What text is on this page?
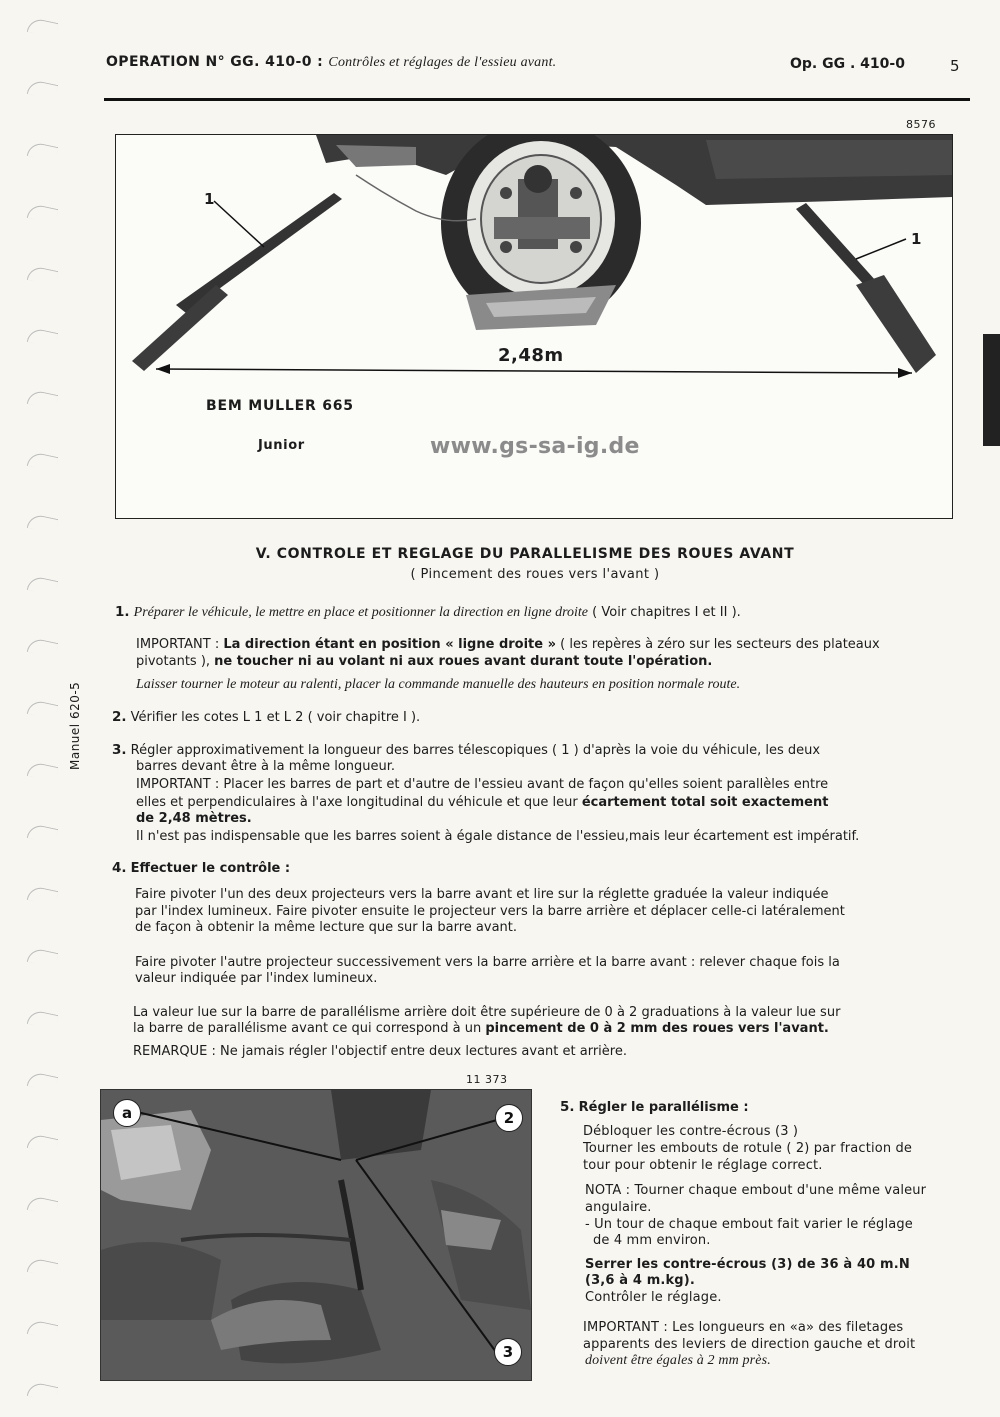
OPERATION N° GG. 410-0 : Contrôles et réglages de l'essieu avant.	Op. GG . 410-0	5
Manuel 620-5
8576
1
1
2,48m
BEM MULLER 665
Junior	www.gs-sa-ig.de
V. CONTROLE ET REGLAGE DU PARALLELISME DES ROUES AVANT
( Pincement des roues vers l'avant )
1. Préparer le véhicule, le mettre en place et positionner la direction en ligne droite ( Voir chapitres I et II ).
IMPORTANT : La direction étant en position « ligne droite » ( les repères à zéro sur les secteurs des plateaux
pivotants ), ne toucher ni au volant ni aux roues avant durant toute l'opération.
Laisser tourner le moteur au ralenti, placer la commande manuelle des hauteurs en position normale route.
2. Vérifier les cotes L 1 et L 2 ( voir chapitre I ).
3. Régler approximativement la longueur des barres télescopiques ( 1 ) d'après la voie du véhicule, les deux
barres devant être à la même longueur.
IMPORTANT : Placer les barres de part et d'autre de l'essieu avant de façon qu'elles soient parallèles entre
elles et perpendiculaires à l'axe longitudinal du véhicule et que leur écartement total soit exactement
de 2,48 mètres.
Il n'est pas indispensable que les barres soient à égale distance de l'essieu,mais leur écartement est impératif.
4. Effectuer le contrôle :
Faire pivoter l'un des deux projecteurs vers la barre avant et lire sur la réglette graduée la valeur indiquée
par l'index lumineux. Faire pivoter ensuite le projecteur vers la barre arrière et déplacer celle-ci latéralement
de façon à obtenir la même lecture que sur la barre avant.
Faire pivoter l'autre projecteur successivement vers la barre arrière et la barre avant : relever chaque fois la
valeur indiquée par l'index lumineux.
La valeur lue sur la barre de parallélisme arrière doit être supérieure de 0 à 2 graduations à la valeur lue sur
la barre de parallélisme avant ce qui correspond à un pincement de 0 à 2 mm des roues vers l'avant.
REMARQUE : Ne jamais régler l'objectif entre deux lectures avant et arrière.
11 373
a	2
3
5. Régler le parallélisme :
Débloquer les contre-écrous (3 )
Tourner les embouts de rotule ( 2) par fraction de
tour pour obtenir le réglage correct.
NOTA : Tourner chaque embout d'une même valeur
angulaire.
- Un tour de chaque embout fait varier le réglage
de 4 mm environ.
Serrer les contre-écrous (3) de 36 à 40 m.N
(3,6 à 4 m.kg).
Contrôler le réglage.
IMPORTANT : Les longueurs en «a» des filetages
apparents des leviers de direction gauche et droit
doivent être égales à 2 mm près.
